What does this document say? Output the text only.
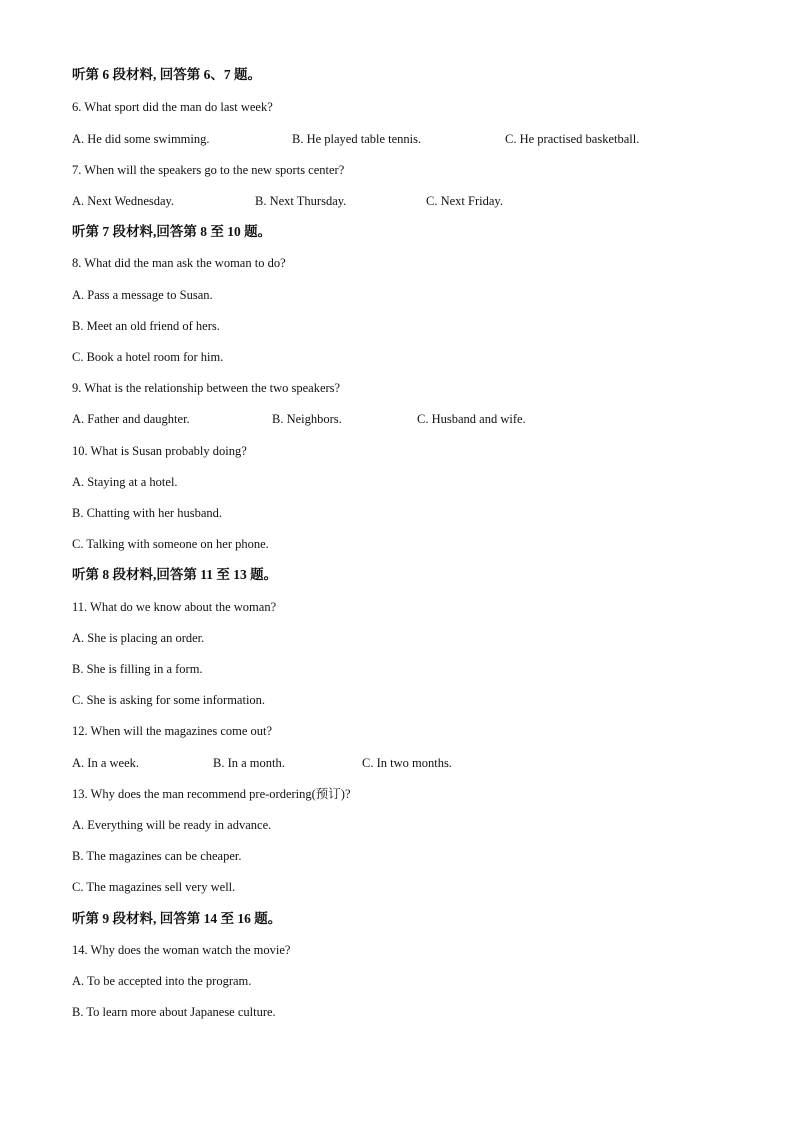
听第 6 段材料, 回答第 6、7 题。
6. What sport did the man do last week?
A. He did some swimming.	B. He played table tennis.	C. He practised basketball.
7. When will the speakers go to the new sports center?
A. Next Wednesday.	B. Next Thursday.	C. Next Friday.
听第 7 段材料,回答第 8 至 10 题。
8. What did the man ask the woman to do?
A. Pass a message to Susan.
B. Meet an old friend of hers.
C. Book a hotel room for him.
9. What is the relationship between the two speakers?
A. Father and daughter.	B. Neighbors.	C. Husband and wife.
10. What is Susan probably doing?
A. Staying at a hotel.
B. Chatting with her husband.
C. Talking with someone on her phone.
听第 8 段材料,回答第 11 至 13 题。
11. What do we know about the woman?
A. She is placing an order.
B. She is filling in a form.
C. She is asking for some information.
12. When will the magazines come out?
A. In a week.	B. In a month.	C. In two months.
13. Why does the man recommend pre-ordering(预订)?
A. Everything will be ready in advance.
B. The magazines can be cheaper.
C. The magazines sell very well.
听第 9 段材料, 回答第 14 至 16 题。
14. Why does the woman watch the movie?
A. To be accepted into the program.
B. To learn more about Japanese culture.
